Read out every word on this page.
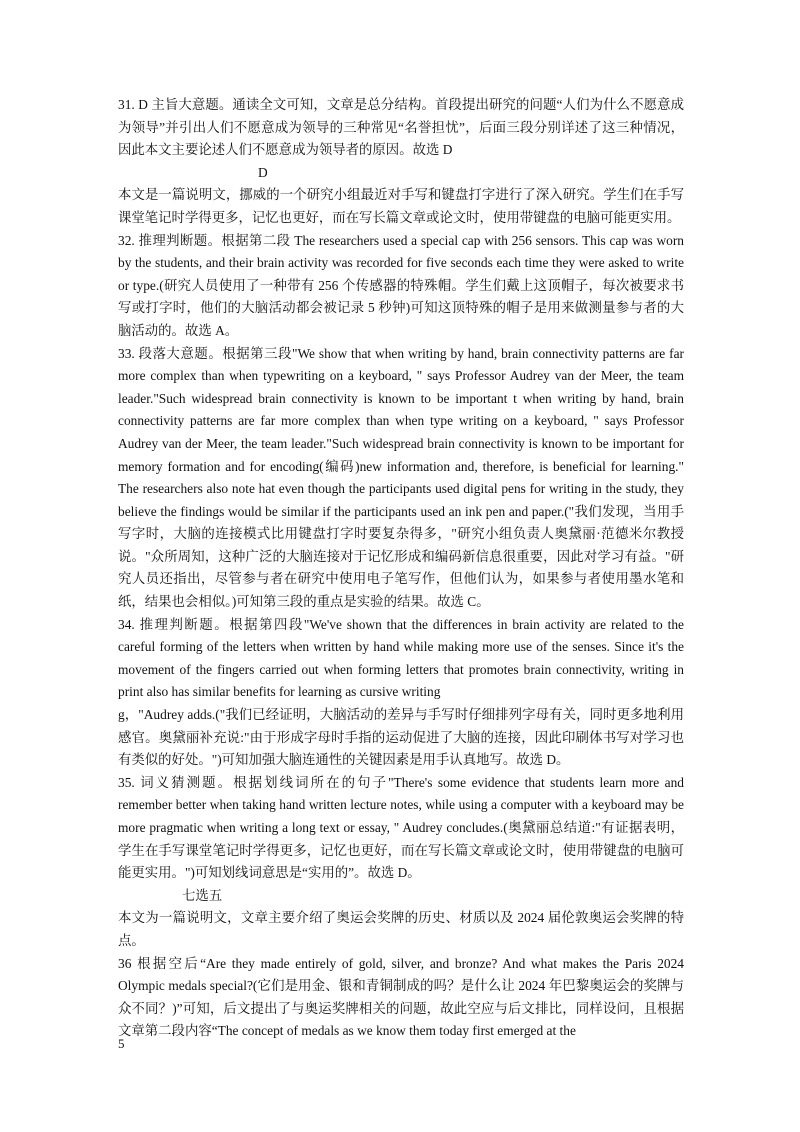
31. D 主旨大意题。通读全文可知，文章是总分结构。首段提出研究的问题“人们为什么不愿意成为领导”并引出人们不愿意成为领导的三种常见“名誉担忧”，后面三段分别详述了这三种情况，因此本文主要论述人们不愿意成为领导者的原因。故选 D

D

本文是一篇说明文，挪威的一个研究小组最近对手写和键盘打字进行了深入研究。学生们在手写课堂笔记时学得更多，记忆也更好，而在写长篇文章或论文时，使用带键盘的电脑可能更实用。

32. 推理判断题。根据第二段 The researchers used a special cap with 256 sensors. This cap was worn by the students, and their brain activity was recorded for five seconds each time they were asked to write or type.(研究人员使用了一种带有 256 个传感器的特殊帽。学生们戴上这顶帽子，每次被要求书写或打字时，他们的大脑活动都会被记录 5 秒钟)可知这顶特殊的帽子是用来做测量参与者的大脑活动的。故选 A。

33. 段落大意题。根据第三段"We show that when writing by hand, brain connectivity patterns are far more complex than when typewriting on a keyboard, " says Professor Audrey van der Meer, the team leader."Such widespread brain connectivity is known to be important t when writing by hand, brain connectivity patterns are far more complex than when type writing on a keyboard, " says Professor Audrey van der Meer, the team leader."Such widespread brain connectivity is known to be important for memory formation and for encoding(编码)new information and, therefore, is beneficial for learning." The researchers also note hat even though the participants used digital pens for writing in the study, they believe the findings would be similar if the participants used an ink pen and paper.("我们发现，当用手写字时，大脑的连接模式比用键盘打字时要复杂得多，"研究小组负责人奥黛丽·范德米尔教授说。"众所周知，这种广泛的大脑连接对于记忆形成和编码新信息很重要，因此对学习有益。"研究人员还指出，尽管参与者在研究中使用电子笔写作，但他们认为，如果参与者使用墨水笔和纸，结果也会相似。)可知第三段的重点是实验的结果。故选 C。

34. 推理判断题。根据第四段"We've shown that the differences in brain activity are related to the careful forming of the letters when written by hand while making more use of the senses. Since it's the movement of the fingers carried out when forming letters that promotes brain connectivity, writing in print also has similar benefits for learning as cursive writing

g，"Audrey adds.("我们已经证明，大脑活动的差异与手写时仔细排列字母有关，同时更多地利用感官。奥黛丽补充说:"由于形成字母时手指的运动促进了大脑的连接，因此印刷体书写对学习也有类似的好处。")可知加强大脑连通性的关键因素是用手认真地写。故选 D。

35. 词义猜测题。根据划线词所在的句子"There's some evidence that students learn more and remember better when taking hand written lecture notes, while using a computer with a keyboard may be more pragmatic when writing a long text or essay, " Audrey concludes.(奥黛丽总结道:"有证据表明，学生在手写课堂笔记时学得更多，记忆也更好，而在写长篇文章或论文时，使用带键盘的电脑可能更实用。")可知划线词意思是“实用的”。故选 D。

七选五

本文为一篇说明文，文章主要介绍了奥运会奖牌的历史、材质以及 2024 届伦敦奥运会奖牌的特点。

36 根据空后“Are they made entirely of gold, silver, and bronze? And what makes the Paris 2024 Olympic medals special?(它们是用金、银和青铜制成的吗？是什么让 2024 年巴黎奥运会的奖牌与众不同？)”可知，后文提出了与奥运奖牌相关的问题，故此空应与后文排比，同样设问，且根据文章第二段内容“The concept of medals as we know them today first emerged at the

5
